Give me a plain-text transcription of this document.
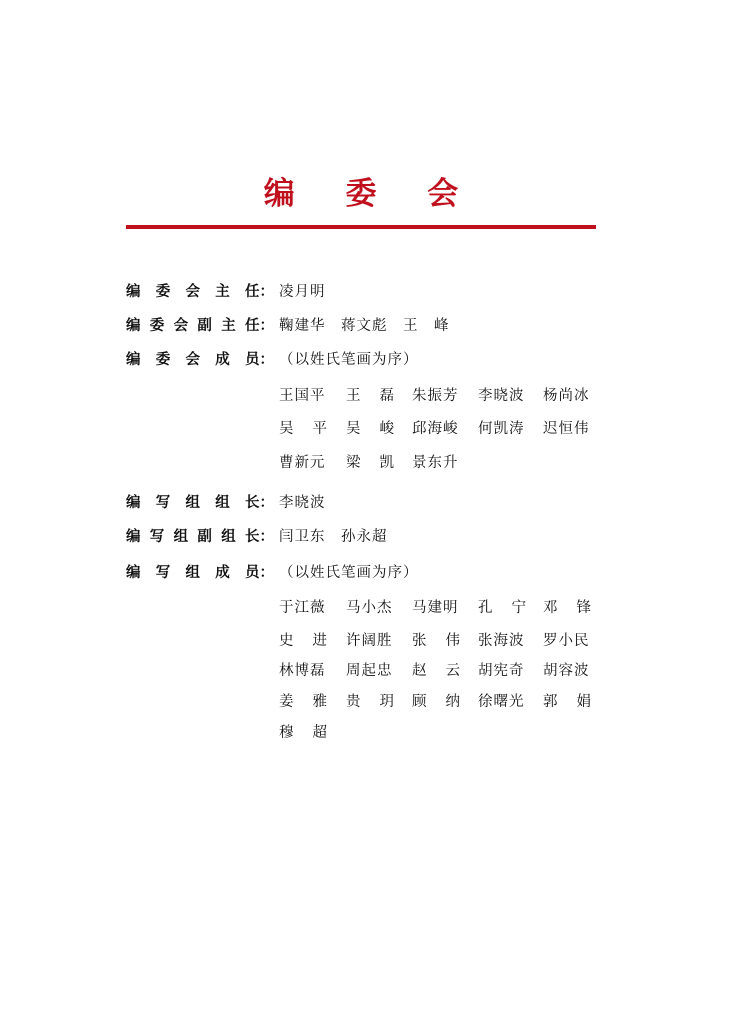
编 委 会
编 委 会 主 任 ： 凌月明
编 委 会 副 主 任 ： 鞠建华　蒋文彪　王　峰
编 委 会 成 员 ： （以姓氏笔画为序）
王国平 王 磊 朱振芳 李晓波 杨尚冰
吴 平 吴 峻 邱海峻 何凯涛 迟恒伟
曹新元 梁 凯 景东升
编 写 组 组 长 ： 李晓波
编 写 组 副 组 长 ： 闫卫东　孙永超
编 写 组 成 员 ： （以姓氏笔画为序）
于江薇 马小杰 马建明 孔 宁 邓 锋
史 进 许阔胜 张 伟 张海波 罗小民
林博磊 周起忠 赵 云 胡宪奇 胡容波
姜 雅 贵 玥 顾 纳 徐曙光 郭 娟
穆 超
